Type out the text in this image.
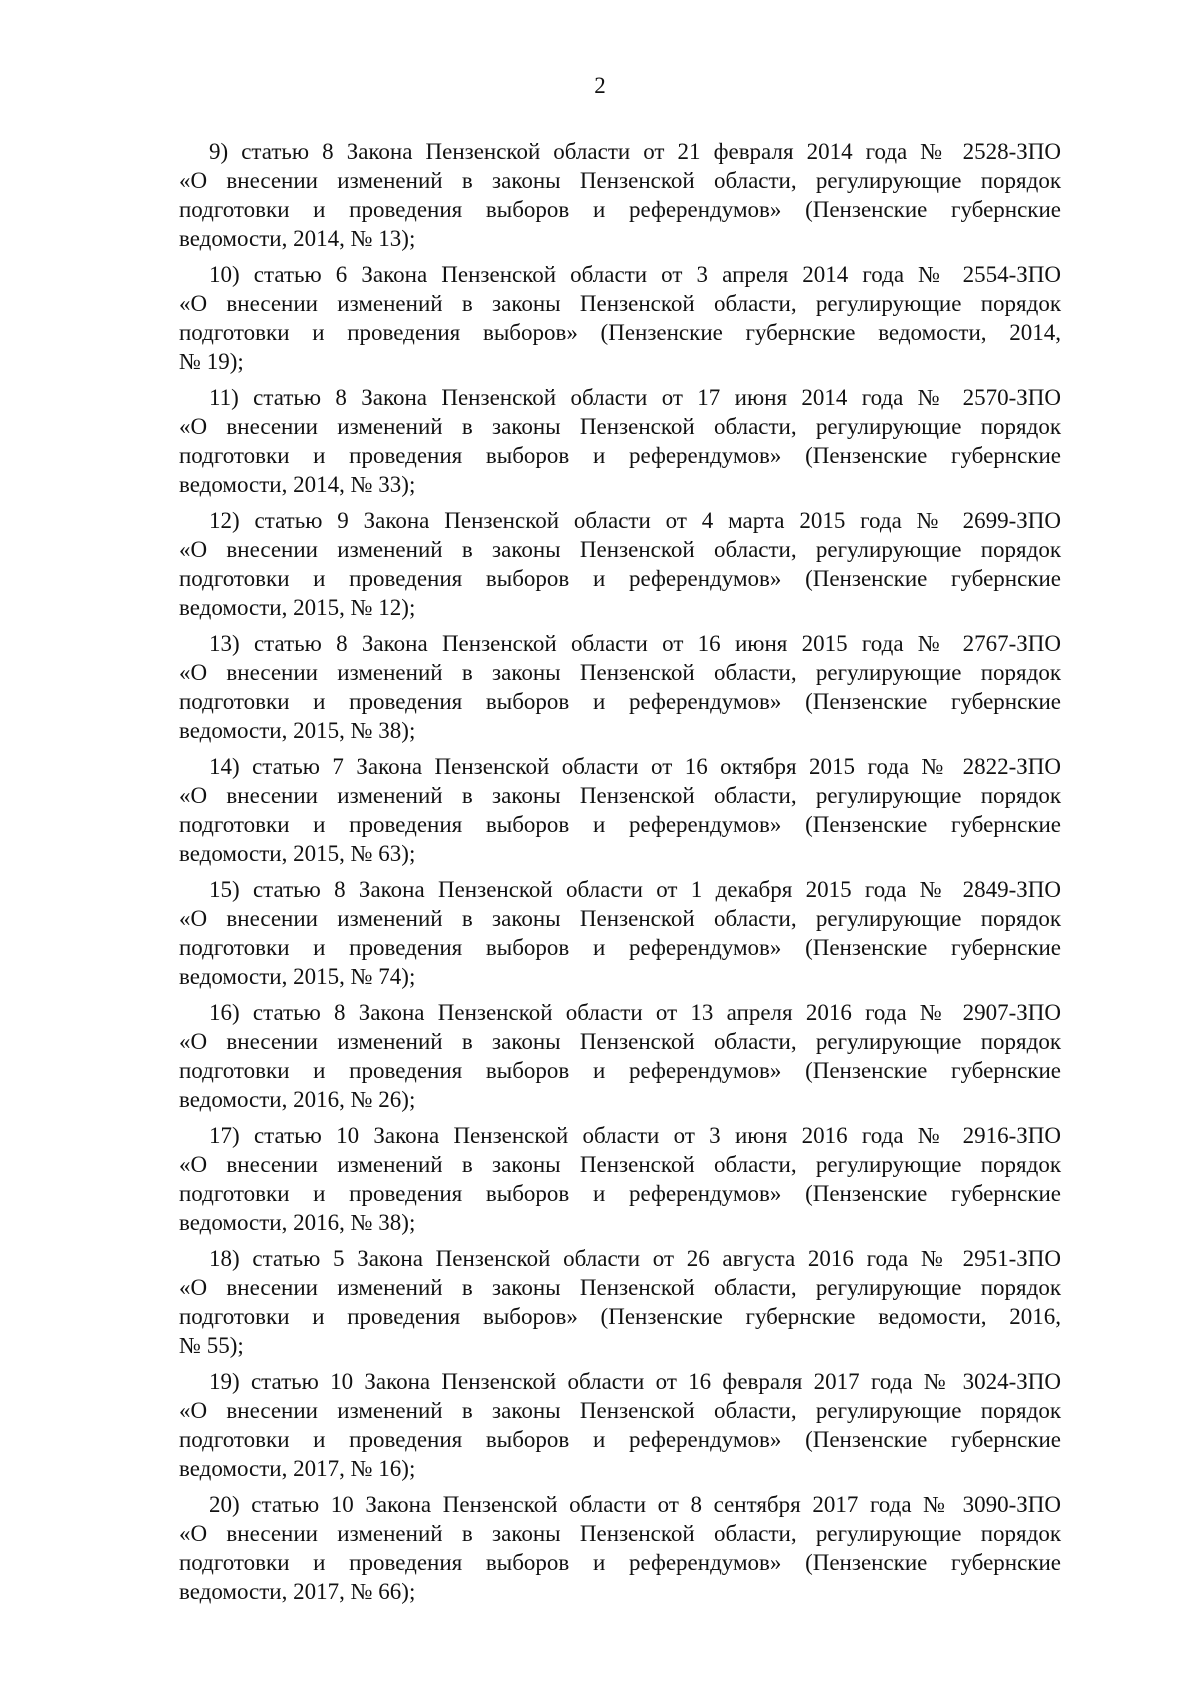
2
9) статью 8 Закона Пензенской области от 21 февраля 2014 года № 2528-ЗПО
«О внесении изменений в законы Пензенской области, регулирующие порядок
подготовки и проведения выборов и референдумов» (Пензенские губернские
ведомости, 2014, № 13);
10) статью 6 Закона Пензенской области от 3 апреля 2014 года № 2554-ЗПО
«О внесении изменений в законы Пензенской области, регулирующие порядок
подготовки и проведения выборов» (Пензенские губернские ведомости, 2014,
№ 19);
11) статью 8 Закона Пензенской области от 17 июня 2014 года № 2570-ЗПО
«О внесении изменений в законы Пензенской области, регулирующие порядок
подготовки и проведения выборов и референдумов» (Пензенские губернские
ведомости, 2014, № 33);
12) статью 9 Закона Пензенской области от 4 марта 2015 года № 2699-ЗПО
«О внесении изменений в законы Пензенской области, регулирующие порядок
подготовки и проведения выборов и референдумов» (Пензенские губернские
ведомости, 2015, № 12);
13) статью 8 Закона Пензенской области от 16 июня 2015 года № 2767-ЗПО
«О внесении изменений в законы Пензенской области, регулирующие порядок
подготовки и проведения выборов и референдумов» (Пензенские губернские
ведомости, 2015, № 38);
14) статью 7 Закона Пензенской области от 16 октября 2015 года № 2822-ЗПО
«О внесении изменений в законы Пензенской области, регулирующие порядок
подготовки и проведения выборов и референдумов» (Пензенские губернские
ведомости, 2015, № 63);
15) статью 8 Закона Пензенской области от 1 декабря 2015 года № 2849-ЗПО
«О внесении изменений в законы Пензенской области, регулирующие порядок
подготовки и проведения выборов и референдумов» (Пензенские губернские
ведомости, 2015, № 74);
16) статью 8 Закона Пензенской области от 13 апреля 2016 года № 2907-ЗПО
«О внесении изменений в законы Пензенской области, регулирующие порядок
подготовки и проведения выборов и референдумов» (Пензенские губернские
ведомости, 2016, № 26);
17) статью 10 Закона Пензенской области от 3 июня 2016 года № 2916-ЗПО
«О внесении изменений в законы Пензенской области, регулирующие порядок
подготовки и проведения выборов и референдумов» (Пензенские губернские
ведомости, 2016, № 38);
18) статью 5 Закона Пензенской области от 26 августа 2016 года № 2951-ЗПО
«О внесении изменений в законы Пензенской области, регулирующие порядок
подготовки и проведения выборов» (Пензенские губернские ведомости, 2016,
№ 55);
19) статью 10 Закона Пензенской области от 16 февраля 2017 года № 3024-ЗПО
«О внесении изменений в законы Пензенской области, регулирующие порядок
подготовки и проведения выборов и референдумов» (Пензенские губернские
ведомости, 2017, № 16);
20) статью 10 Закона Пензенской области от 8 сентября 2017 года № 3090-ЗПО
«О внесении изменений в законы Пензенской области, регулирующие порядок
подготовки и проведения выборов и референдумов» (Пензенские губернские
ведомости, 2017, № 66);
